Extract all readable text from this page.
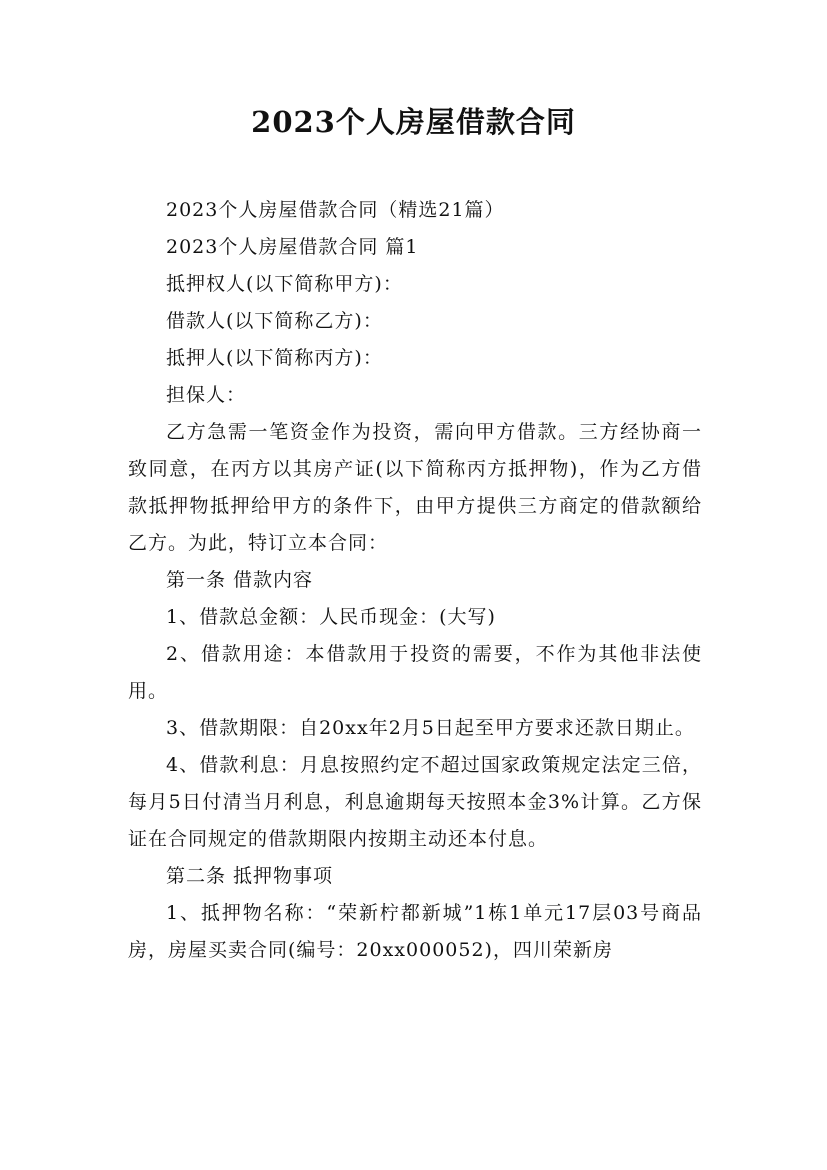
2023个人房屋借款合同

2023个人房屋借款合同（精选21篇）

2023个人房屋借款合同 篇1

抵押权人(以下简称甲方)：

借款人(以下简称乙方)：

抵押人(以下简称丙方)：

担保人：

乙方急需一笔资金作为投资，需向甲方借款。三方经协商一致同意，在丙方以其房产证(以下简称丙方抵押物)，作为乙方借款抵押物抵押给甲方的条件下，由甲方提供三方商定的借款额给乙方。为此，特订立本合同：

第一条 借款内容

1、借款总金额：人民币现金：(大写)

2、借款用途：本借款用于投资的需要，不作为其他非法使用。

3、借款期限：自20xx年2月5日起至甲方要求还款日期止。

4、借款利息：月息按照约定不超过国家政策规定法定三倍，每月5日付清当月利息，利息逾期每天按照本金3%计算。乙方保证在合同规定的借款期限内按期主动还本付息。

第二条 抵押物事项

1、抵押物名称：“荣新柠都新城”1栋1单元17层03号商品房，房屋买卖合同(编号：20xx000052)，四川荣新房
